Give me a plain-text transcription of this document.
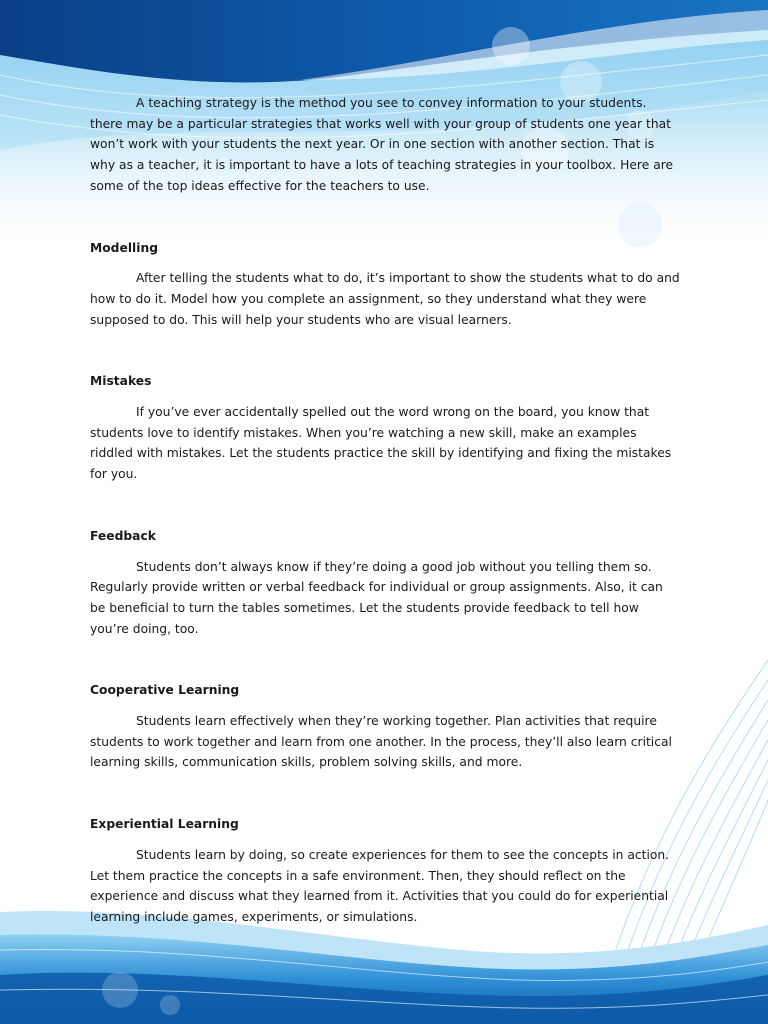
A teaching strategy is the method you see to convey information to your students. there may be a particular strategies that works well with your group of students one year that won’t work with your students the next year. Or in one section with another section. That is why as a teacher, it is important to have a lots of teaching strategies in your toolbox. Here are some of the top ideas effective for the teachers to use.

Modelling

After telling the students what to do, it’s important to show the students what to do and how to do it. Model how you complete an assignment, so they understand what they were supposed to do. This will help your students who are visual learners.

Mistakes

If you’ve ever accidentally spelled out the word wrong on the board, you know that students love to identify mistakes. When you’re watching a new skill, make an examples riddled with mistakes. Let the students practice the skill by identifying and fixing the mistakes for you.

Feedback

Students don’t always know if they’re doing a good job without you telling them so. Regularly provide written or verbal feedback for individual or group assignments. Also, it can be beneficial to turn the tables sometimes. Let the students provide feedback to tell how you’re doing, too.

Cooperative Learning

Students learn effectively when they’re working together. Plan activities that require students to work together and learn from one another. In the process, they’ll also learn critical learning skills, communication skills, problem solving skills, and more.

Experiential Learning

Students learn by doing, so create experiences for them to see the concepts in action. Let them practice the concepts in a safe environment. Then, they should reflect on the experience and discuss what they learned from it. Activities that you could do for experiential learning include games, experiments, or simulations.
